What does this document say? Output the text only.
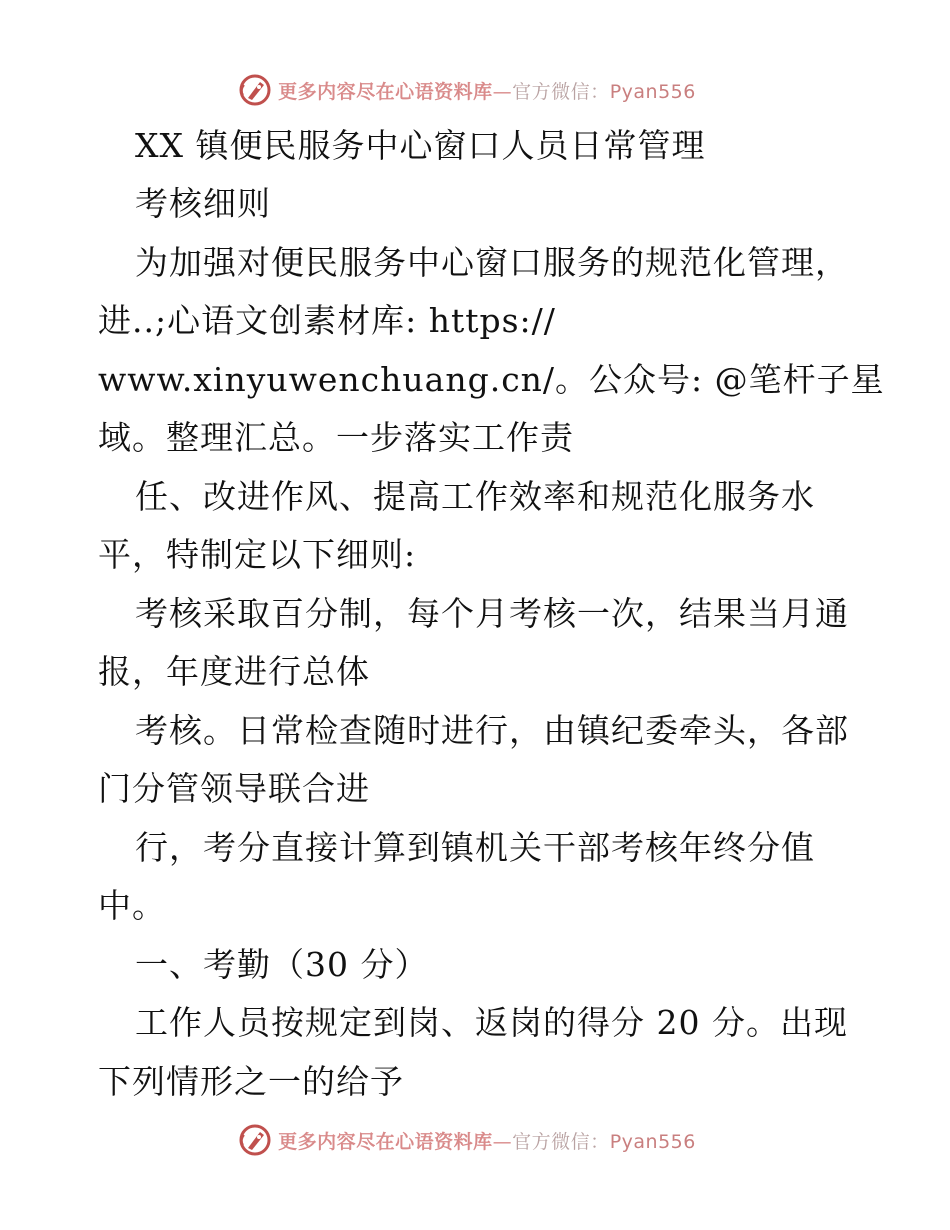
更多内容尽在心语资料库—官方微信：Pyan556
XX 镇便民服务中心窗口人员日常管理
考核细则
为加强对便民服务中心窗口服务的规范化管理，
进..;心语文创素材库: https://
www.xinyuwenchuang.cn/。公众号: @笔杆子星
域。整理汇总。一步落实工作责
任、改进作风、提高工作效率和规范化服务水
平，特制定以下细则:
考核采取百分制，每个月考核一次，结果当月通
报，年度进行总体
考核。日常检查随时进行，由镇纪委牵头，各部
门分管领导联合进
行，考分直接计算到镇机关干部考核年终分值
中。
一、考勤（30 分）
工作人员按规定到岗、返岗的得分 20 分。出现
下列情形之一的给予
更多内容尽在心语资料库—官方微信：Pyan556
